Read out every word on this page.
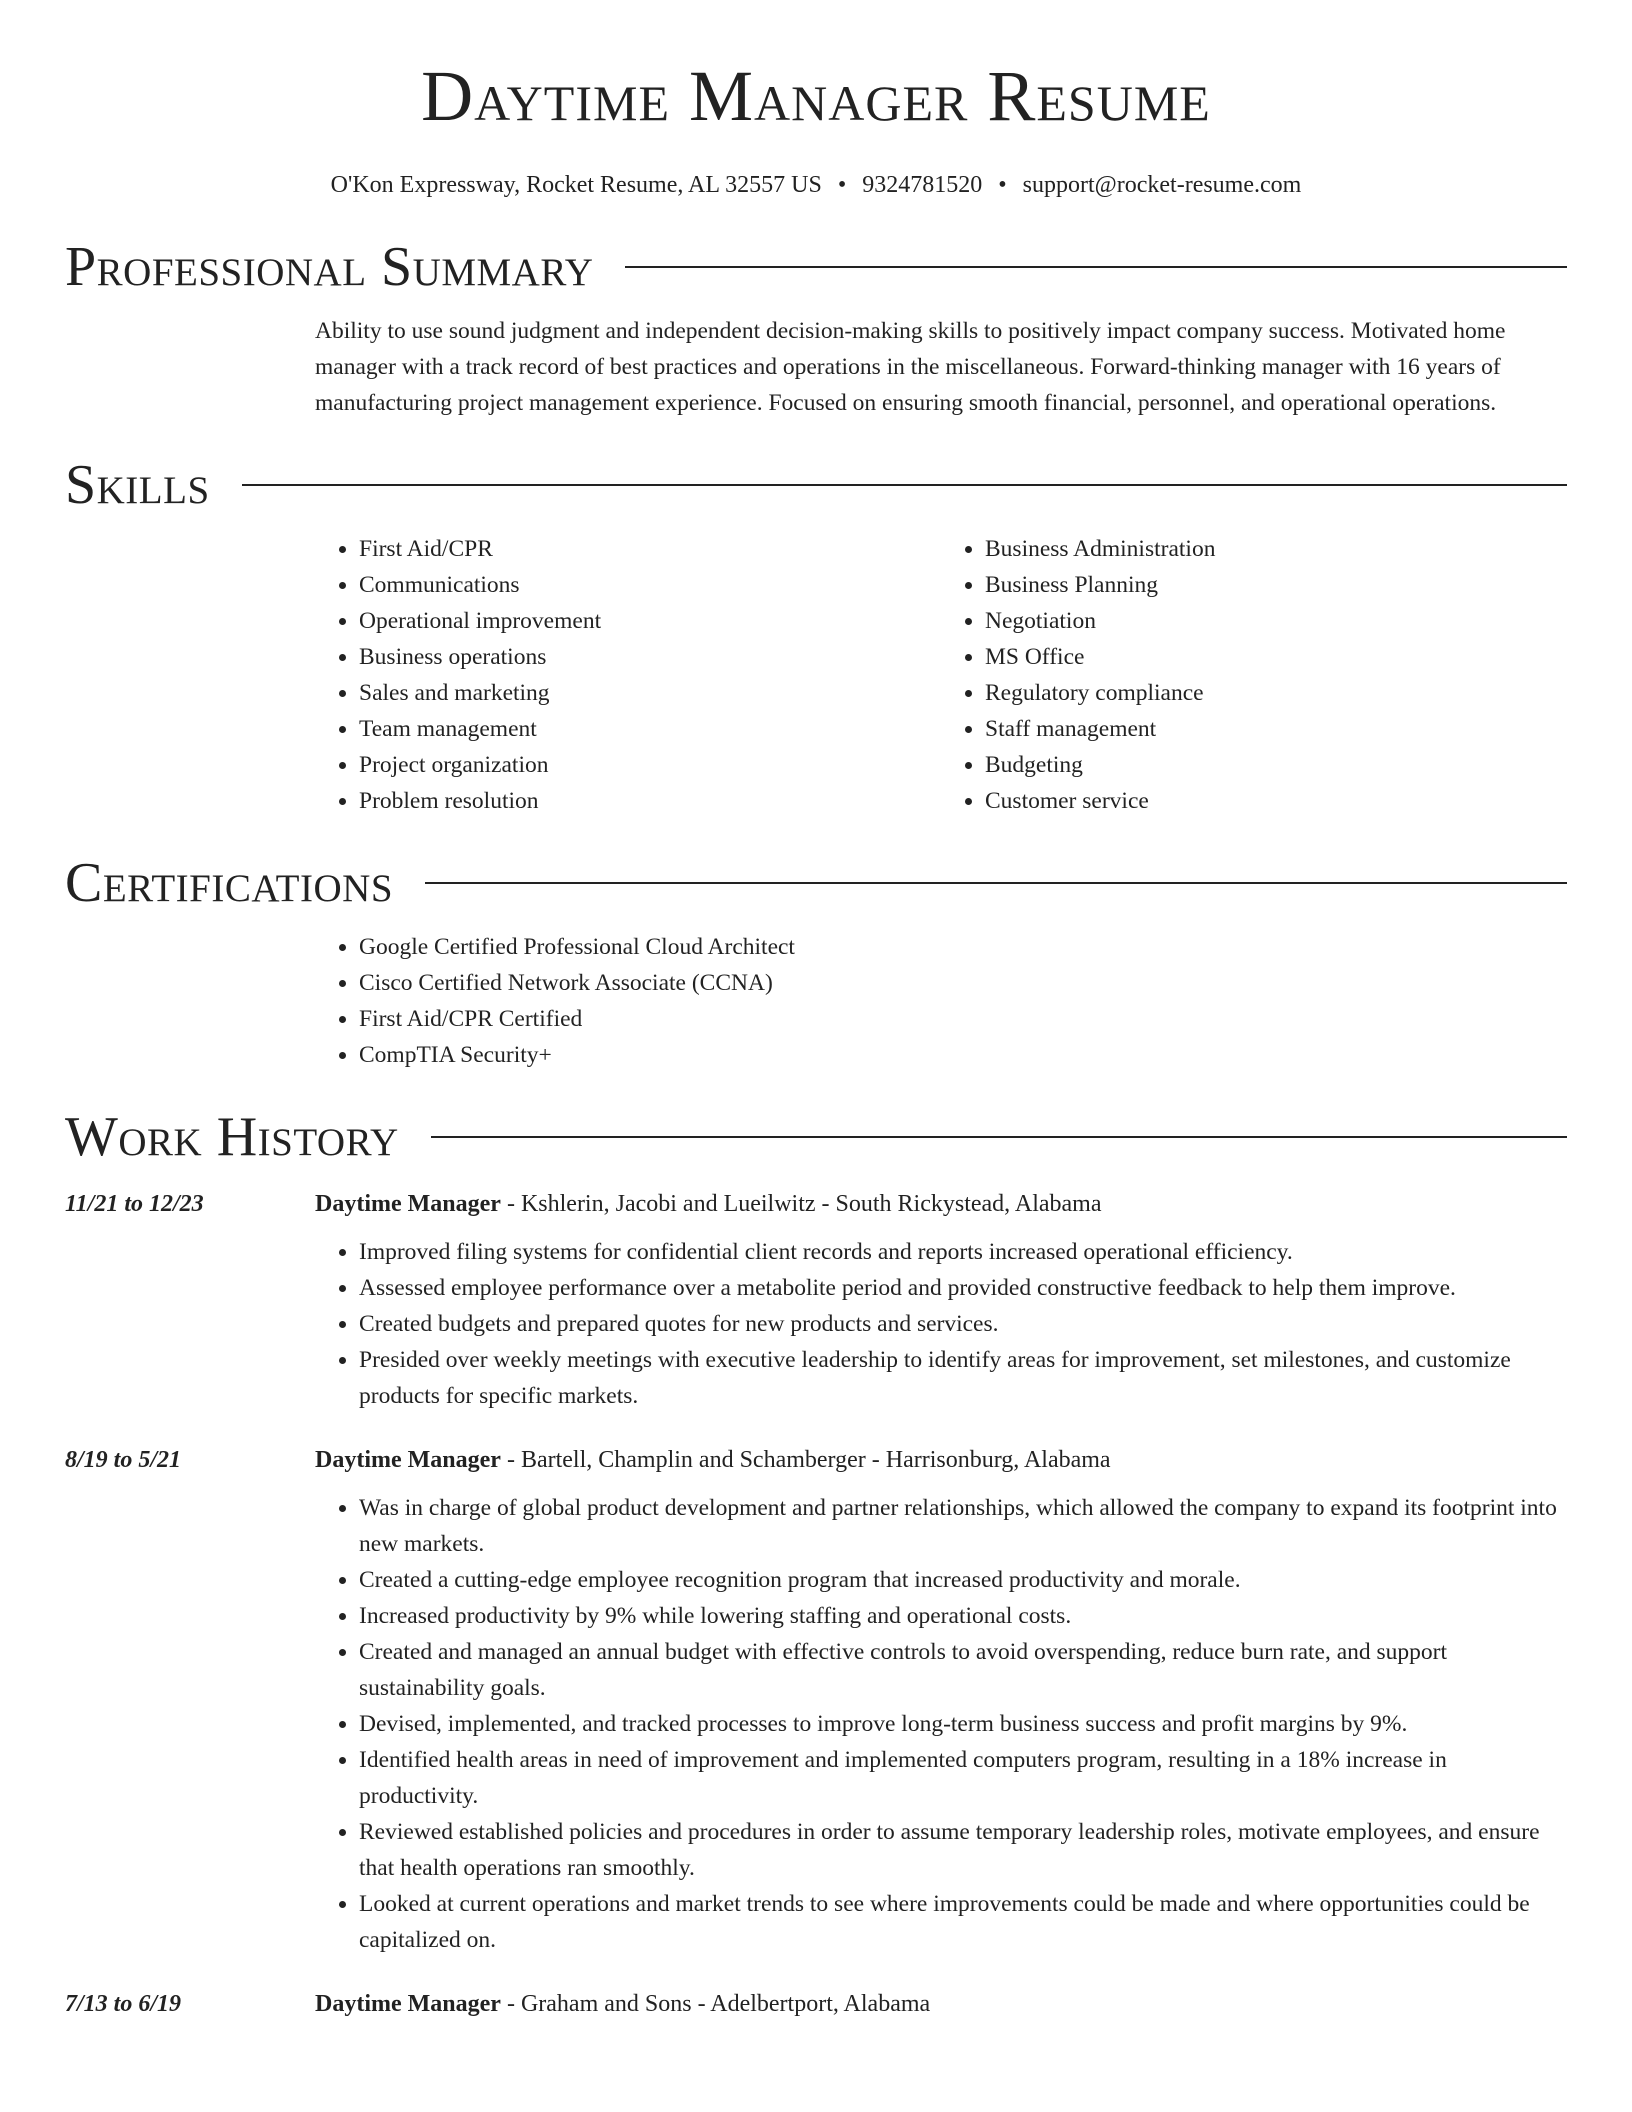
Daytime Manager Resume
O'Kon Expressway, Rocket Resume, AL 32557 US • 9324781520 • support@rocket-resume.com
Professional Summary
Ability to use sound judgment and independent decision-making skills to positively impact company success. Motivated home manager with a track record of best practices and operations in the miscellaneous. Forward-thinking manager with 16 years of manufacturing project management experience. Focused on ensuring smooth financial, personnel, and operational operations.
Skills
• First Aid/CPR
• Communications
• Operational improvement
• Business operations
• Sales and marketing
• Team management
• Project organization
• Problem resolution
• Business Administration
• Business Planning
• Negotiation
• MS Office
• Regulatory compliance
• Staff management
• Budgeting
• Customer service
Certifications
• Google Certified Professional Cloud Architect
• Cisco Certified Network Associate (CCNA)
• First Aid/CPR Certified
• CompTIA Security+
Work History
11/21 to 12/23	Daytime Manager - Kshlerin, Jacobi and Lueilwitz - South Rickystead, Alabama
• Improved filing systems for confidential client records and reports increased operational efficiency.
• Assessed employee performance over a metabolite period and provided constructive feedback to help them improve.
• Created budgets and prepared quotes for new products and services.
• Presided over weekly meetings with executive leadership to identify areas for improvement, set milestones, and customize products for specific markets.
8/19 to 5/21	Daytime Manager - Bartell, Champlin and Schamberger - Harrisonburg, Alabama
• Was in charge of global product development and partner relationships, which allowed the company to expand its footprint into new markets.
• Created a cutting-edge employee recognition program that increased productivity and morale.
• Increased productivity by 9% while lowering staffing and operational costs.
• Created and managed an annual budget with effective controls to avoid overspending, reduce burn rate, and support sustainability goals.
• Devised, implemented, and tracked processes to improve long-term business success and profit margins by 9%.
• Identified health areas in need of improvement and implemented computers program, resulting in a 18% increase in productivity.
• Reviewed established policies and procedures in order to assume temporary leadership roles, motivate employees, and ensure that health operations ran smoothly.
• Looked at current operations and market trends to see where improvements could be made and where opportunities could be capitalized on.
7/13 to 6/19	Daytime Manager - Graham and Sons - Adelbertport, Alabama
